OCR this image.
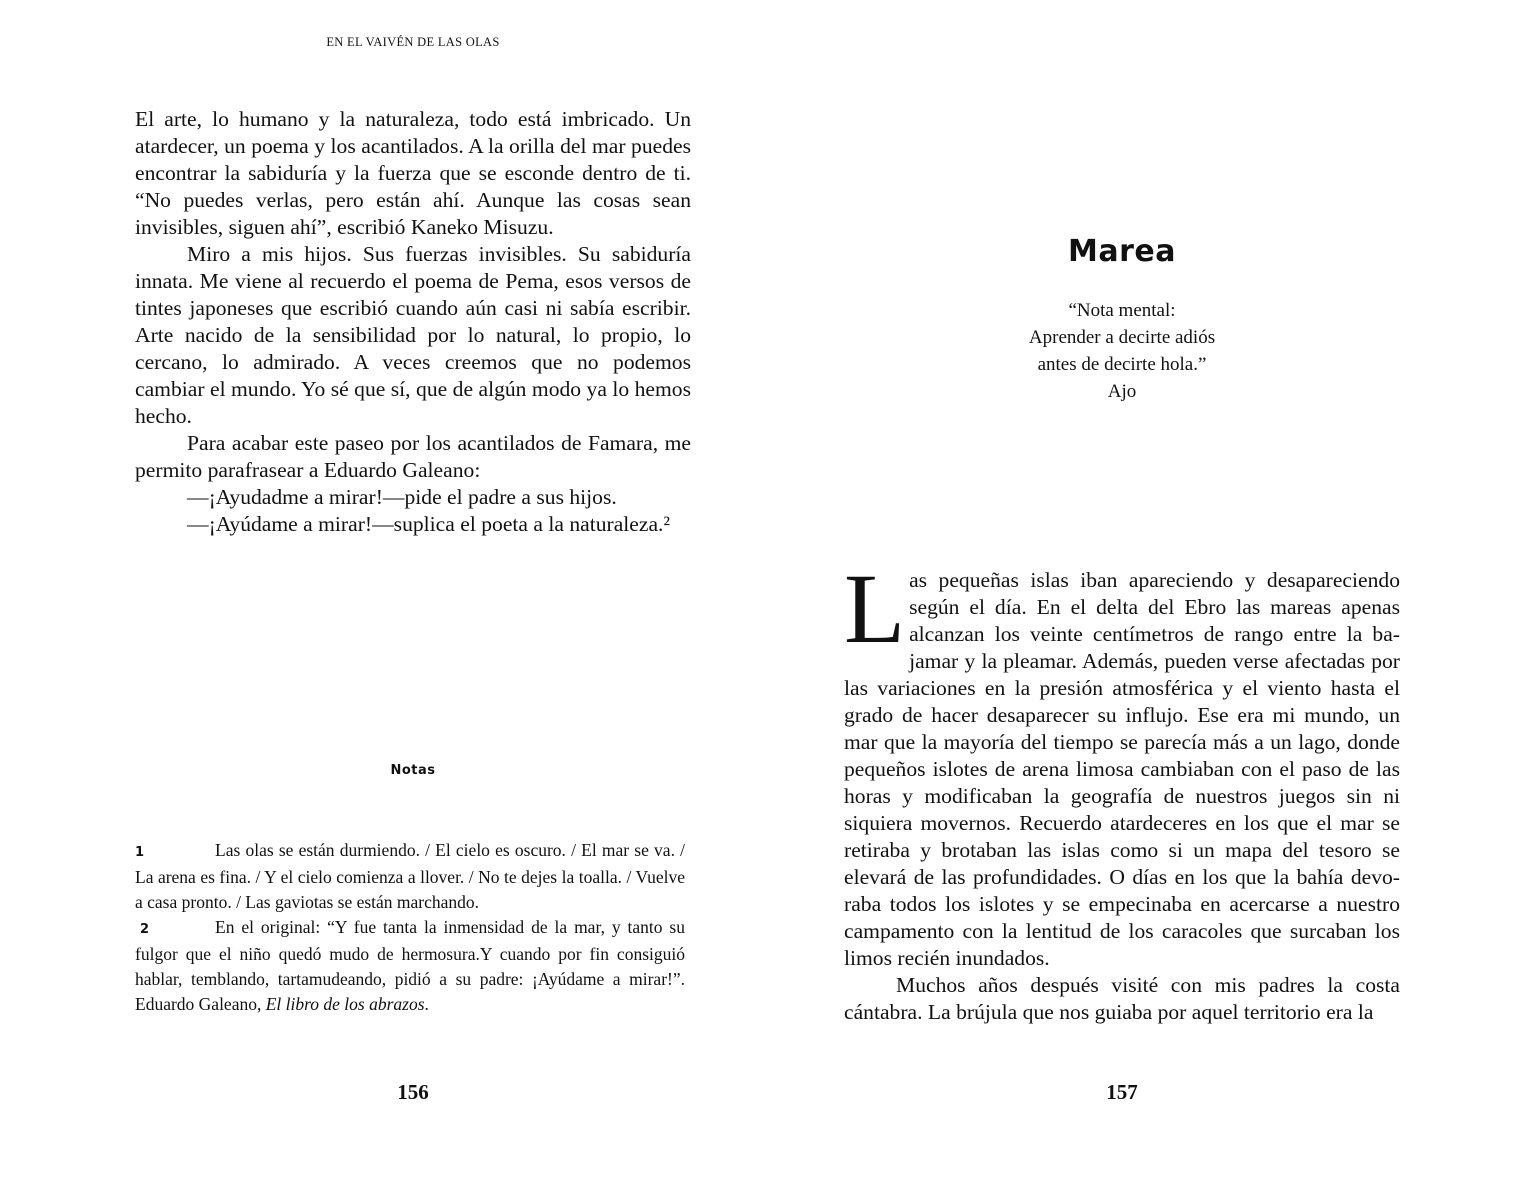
EN EL VAIVÉN DE LAS OLAS

El arte, lo humano y la naturaleza, todo está imbricado. Un atardecer, un poema y los acantilados. A la orilla del mar puedes encontrar la sabiduría y la fuerza que se esconde dentro de ti. “No puedes verlas, pero están ahí. Aunque las cosas sean invisibles, siguen ahí”, escribió Kaneko Misuzu.

Miro a mis hijos. Sus fuerzas invisibles. Su sabiduría innata. Me viene al recuerdo el poema de Pema, esos versos de tintes japoneses que escribió cuando aún casi ni sabía escribir. Arte nacido de la sensibilidad por lo natural, lo propio, lo cercano, lo admirado. A veces creemos que no podemos cambiar el mundo. Yo sé que sí, que de algún modo ya lo hemos hecho.

Para acabar este paseo por los acantilados de Famara, me permito parafrasear a Eduardo Galeano:

—¡Ayudadme a mirar!—pide el padre a sus hijos.

—¡Ayúdame a mirar!—suplica el poeta a la naturaleza.²

Notas

1	Las olas se están durmiendo. / El cielo es oscuro. / El mar se va. / La arena es fina. / Y el cielo comienza a llover. / No te dejes la toalla. / Vuelve a casa pronto. / Las gaviotas se están marchando.

2	En el original: “Y fue tanta la inmensidad de la mar, y tanto su fulgor que el niño quedó mudo de hermosura.Y cuando por fin consiguió hablar, temblando, tartamudeando, pidió a su padre: ¡Ayúdame a mirar!”. Eduardo Galeano, El libro de los abrazos.

156
Marea
“Nota mental:
Aprender a decirte adiós
antes de decirte hola.”
Ajo

Las pequeñas islas iban apareciendo y desapareciendo según el día. En el delta del Ebro las mareas apenas alcanzan los veinte centímetros de rango entre la bajamar y la pleamar. Además, pueden verse afectadas por las variaciones en la presión atmosférica y el viento hasta el grado de hacer desaparecer su influjo. Ese era mi mundo, un mar que la mayoría del tiempo se parecía más a un lago, donde pequeños islotes de arena limosa cambiaban con el paso de las horas y modificaban la geografía de nuestros juegos sin ni siquiera movernos. Recuerdo atardeceres en los que el mar se retiraba y brotaban las islas como si un mapa del tesoro se elevará de las profundidades. O días en los que la bahía devoraba todos los islotes y se empecinaba en acercarse a nuestro campamento con la lentitud de los caracoles que surcaban los limos recién inundados.

Muchos años después visité con mis padres la costa cántabra. La brújula que nos guiaba por aquel territorio era la

157
